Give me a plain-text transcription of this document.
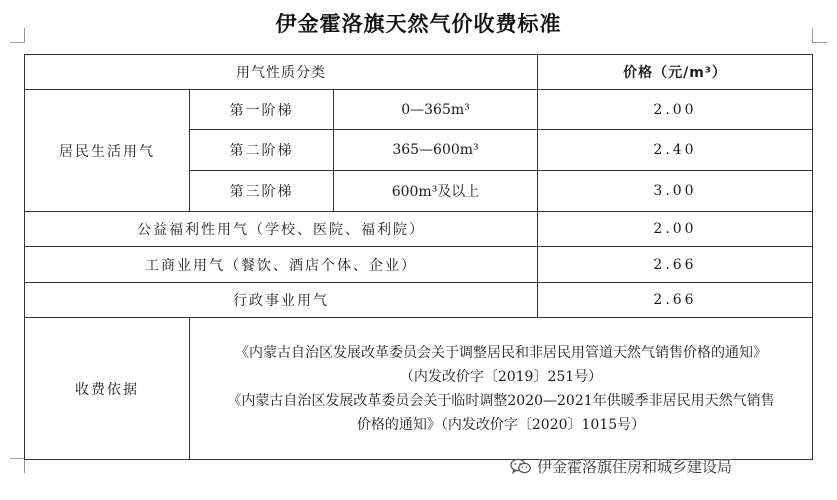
伊金霍洛旗天然气价收费标准
用气性质分类			价格（元/m³）
居民生活用气	第一阶梯	0—365m³	2.00
	第二阶梯	365—600m³	2.40
	第三阶梯	600m³及以上	3.00
公益福利性用气（学校、医院、福利院）			2.00
工商业用气（餐饮、酒店个体、企业）			2.66
行政事业用气			2.66
收费依据	《内蒙古自治区发展改革委员会关于调整居民和非居民用管道天然气销售价格的通知》
（内发改价字〔2019〕251号）
《内蒙古自治区发展改革委员会关于临时调整2020—2021年供暖季非居民用天然气销售
价格的通知》（内发改价字〔2020〕1015号）		
伊金霍洛旗住房和城乡建设局
